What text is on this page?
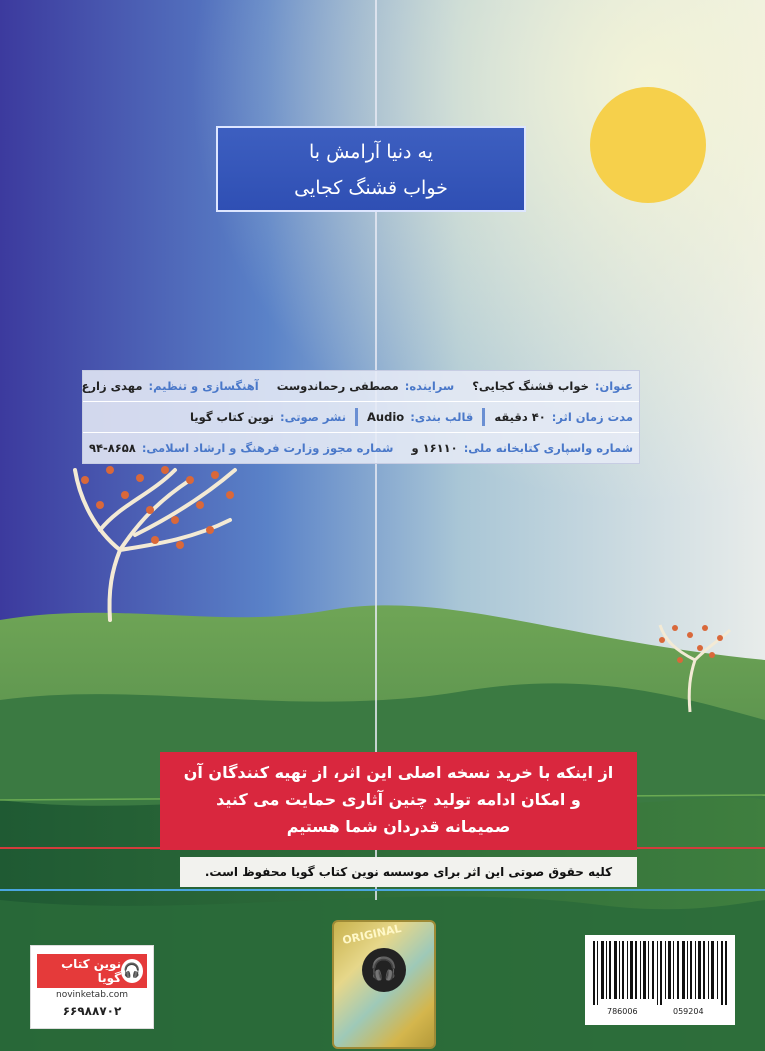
یه دنیا آرامش با
خواب قشنگ کجایی
عنوان:
خواب قشنگ کجایی؟
سراینده:
مصطفی رحماندوست
آهنگسازی و تنظیم:
مهدی زارع
مدت زمان اثر:
۴۰ دقیقه
قالب بندی:
Audio
نشر صوتی:
نوین کتاب گویا
شماره واسپاری کتابخانه ملی:
۱۶۱۱۰ و
شماره مجوز وزارت فرهنگ و ارشاد اسلامی:
۹۴-۸۶۵۸
از اینکه با خرید نسخه اصلی این اثر، از تهیه کنندگان آن
و امکان ادامه تولید چنین آثاری حمایت می کنید
صمیمانه قدردان شما هستیم
کلیه حقوق صوتی این اثر برای موسسه نوین کتاب گویا محفوظ است.
نوین کتاب گویا 🎧
novinketab.com
۶۶۹۸۸۷۰۲
ORIGINAL
🎧
786006	059204
